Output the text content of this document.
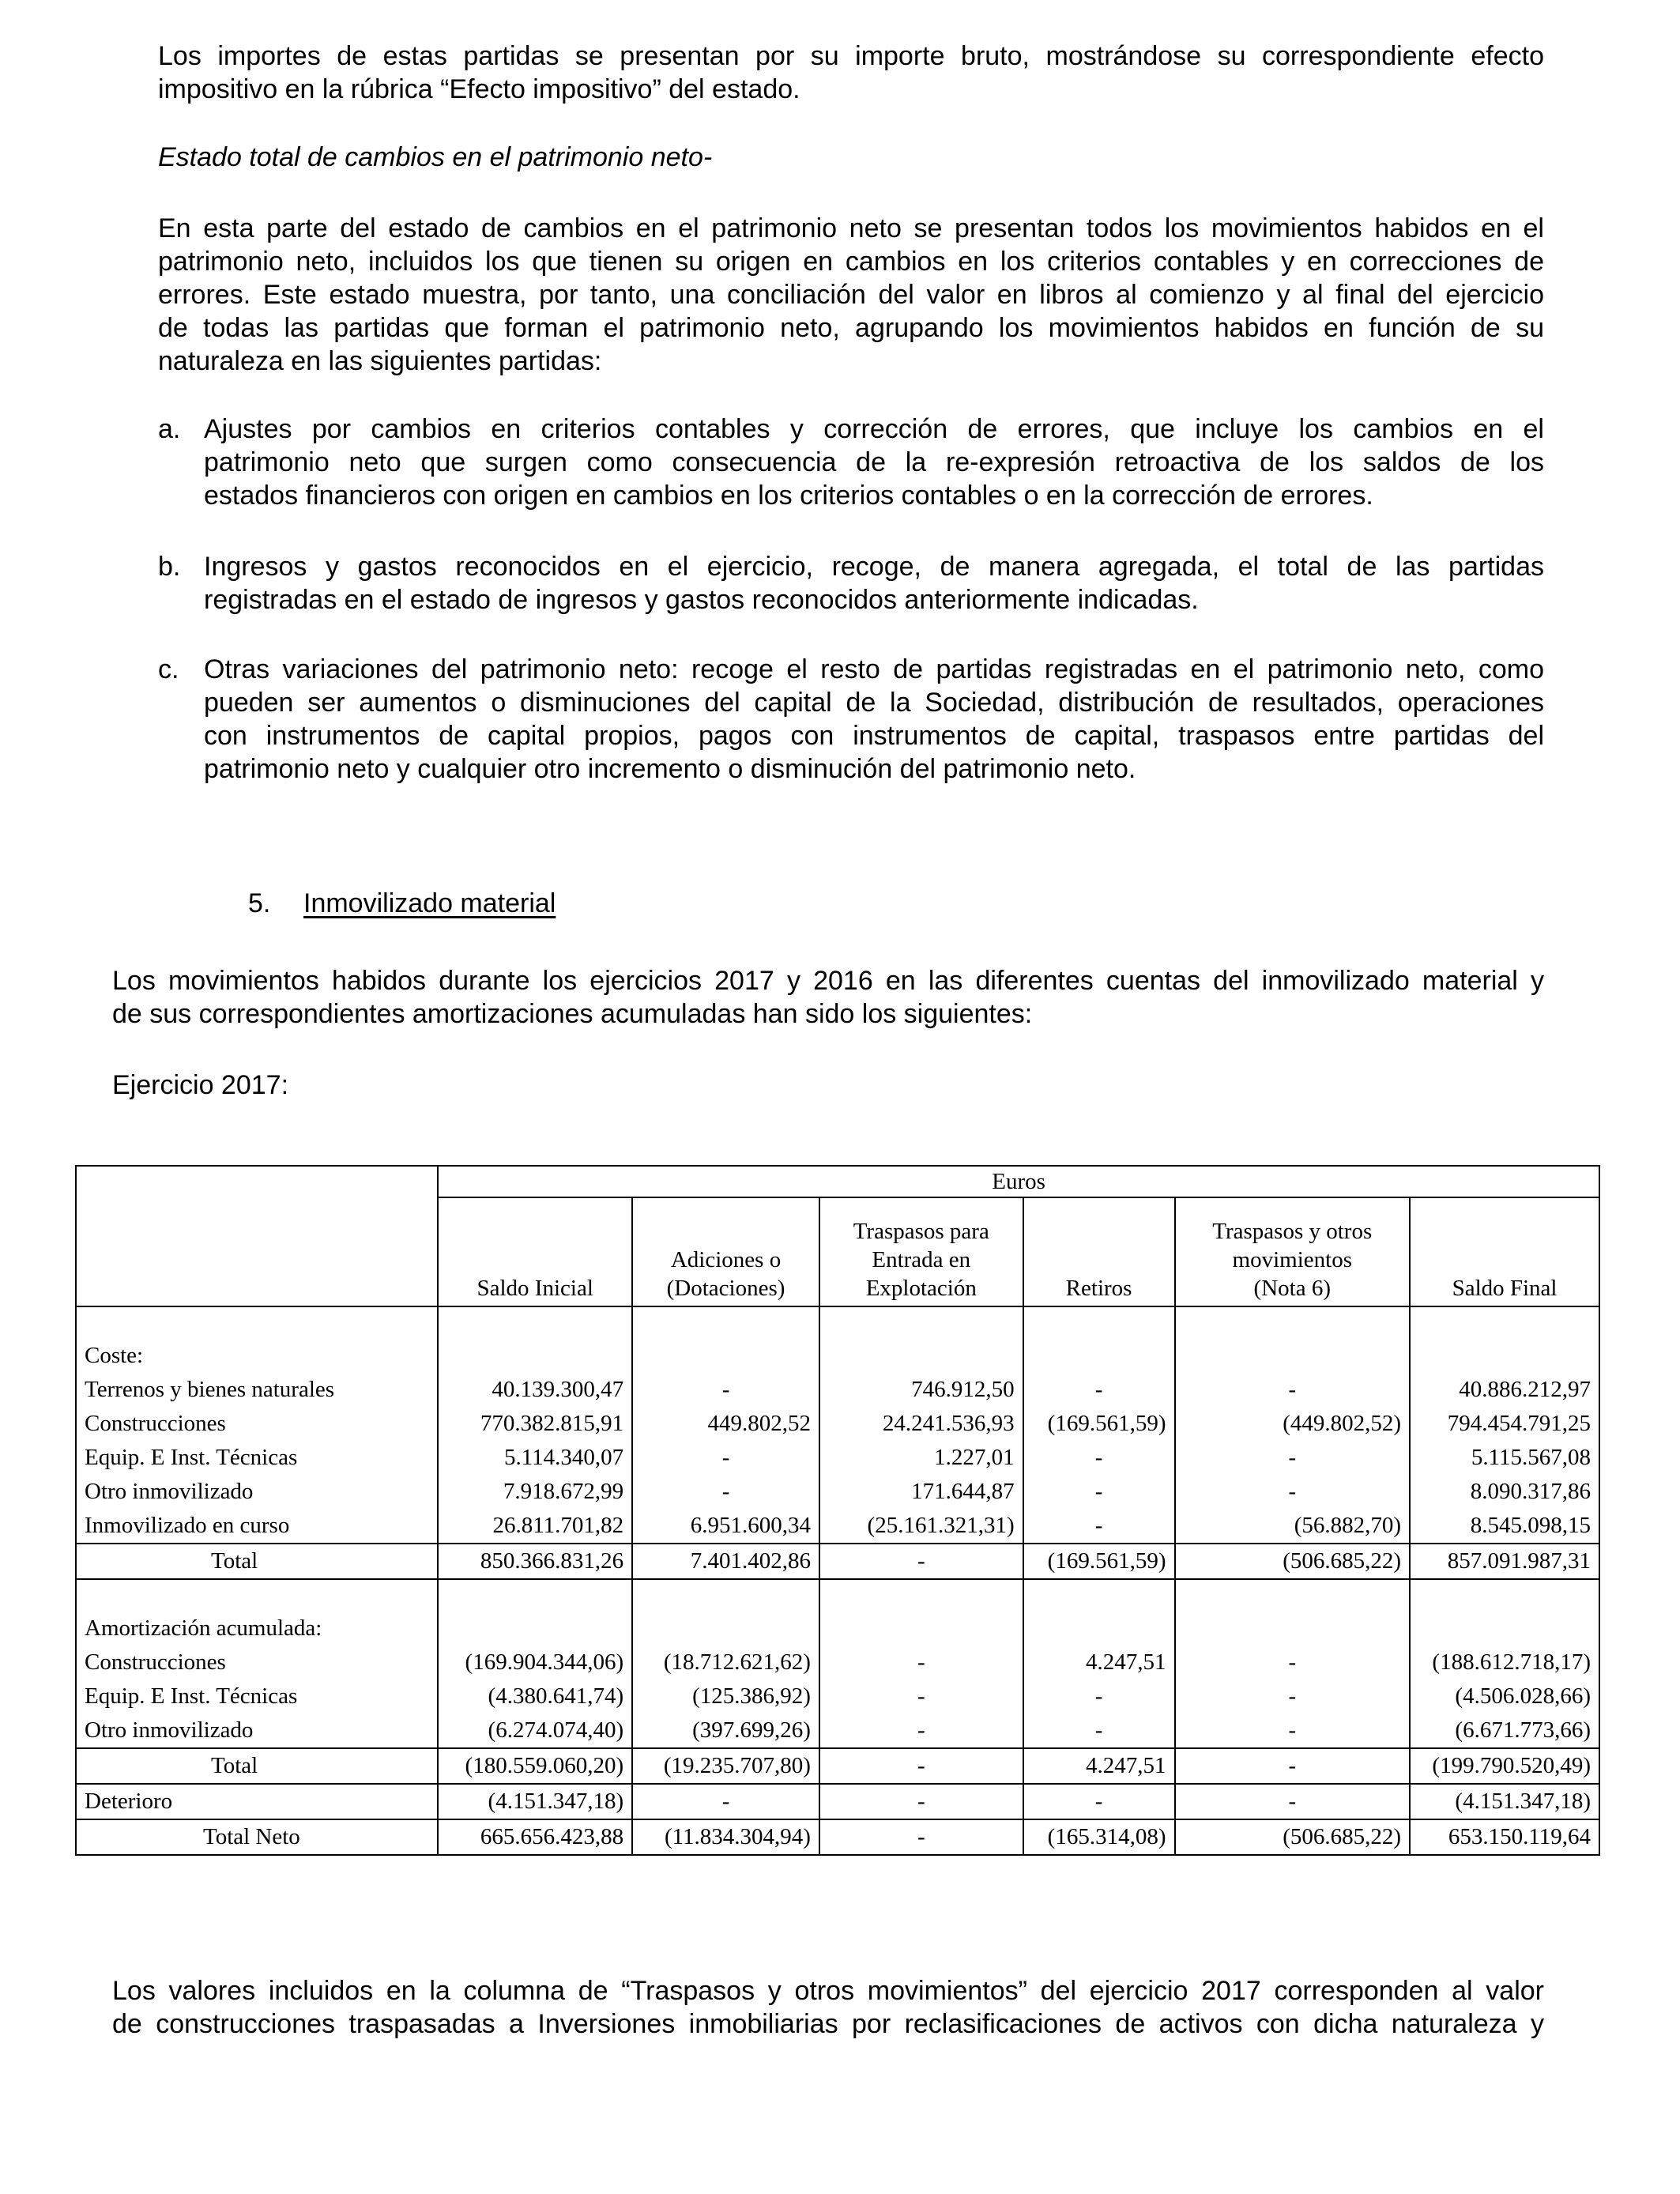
Los importes de estas partidas se presentan por su importe bruto, mostrándose su correspondiente efecto
impositivo en la rúbrica “Efecto impositivo” del estado.
Estado total de cambios en el patrimonio neto-
En esta parte del estado de cambios en el patrimonio neto se presentan todos los movimientos habidos en el
patrimonio neto, incluidos los que tienen su origen en cambios en los criterios contables y en correcciones de
errores. Este estado muestra, por tanto, una conciliación del valor en libros al comienzo y al final del ejercicio
de todas las partidas que forman el patrimonio neto, agrupando los movimientos habidos en función de su
naturaleza en las siguientes partidas:
a. Ajustes por cambios en criterios contables y corrección de errores, que incluye los cambios en el
patrimonio neto que surgen como consecuencia de la re-expresión retroactiva de los saldos de los
estados financieros con origen en cambios en los criterios contables o en la corrección de errores.
b. Ingresos y gastos reconocidos en el ejercicio, recoge, de manera agregada, el total de las partidas
registradas en el estado de ingresos y gastos reconocidos anteriormente indicadas.
c. Otras variaciones del patrimonio neto: recoge el resto de partidas registradas en el patrimonio neto, como
pueden ser aumentos o disminuciones del capital de la Sociedad, distribución de resultados, operaciones
con instrumentos de capital propios, pagos con instrumentos de capital, traspasos entre partidas del
patrimonio neto y cualquier otro incremento o disminución del patrimonio neto.
5. Inmovilizado material
Los movimientos habidos durante los ejercicios 2017 y 2016 en las diferentes cuentas del inmovilizado material y
de sus correspondientes amortizaciones acumuladas han sido los siguientes:
Ejercicio 2017:
	Euros					
	Saldo Inicial	Adiciones o
(Dotaciones)	Traspasos para
Entrada en
Explotación	Retiros	Traspasos y otros
movimientos
(Nota 6)	Saldo Final

Coste:						
Terrenos y bienes naturales	40.139.300,47	-	746.912,50	-	-	40.886.212,97
Construcciones	770.382.815,91	449.802,52	24.241.536,93	(169.561,59)	(449.802,52)	794.454.791,25
Equip. E Inst. Técnicas	5.114.340,07	-	1.227,01	-	-	5.115.567,08
Otro inmovilizado	7.918.672,99	-	171.644,87	-	-	8.090.317,86
Inmovilizado en curso	26.811.701,82	6.951.600,34	(25.161.321,31)	-	(56.882,70)	8.545.098,15
Total	850.366.831,26	7.401.402,86	-	(169.561,59)	(506.685,22)	857.091.987,31

Amortización acumulada:						
Construcciones	(169.904.344,06)	(18.712.621,62)	-	4.247,51	-	(188.612.718,17)
Equip. E Inst. Técnicas	(4.380.641,74)	(125.386,92)	-	-	-	(4.506.028,66)
Otro inmovilizado	(6.274.074,40)	(397.699,26)	-	-	-	(6.671.773,66)
Total	(180.559.060,20)	(19.235.707,80)	-	4.247,51	-	(199.790.520,49)
Deterioro	(4.151.347,18)	-	-	-	-	(4.151.347,18)
Total Neto	665.656.423,88	(11.834.304,94)	-	(165.314,08)	(506.685,22)	653.150.119,64
Los valores incluidos en la columna de “Traspasos y otros movimientos” del ejercicio 2017 corresponden al valor
de construcciones traspasadas a Inversiones inmobiliarias por reclasificaciones de activos con dicha naturaleza y
